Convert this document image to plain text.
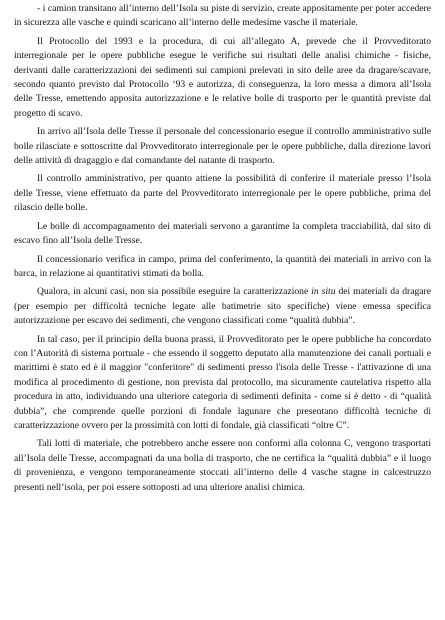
- i camion transitano all’interno dell’Isola su piste di servizio, create appositamente per poter accedere in sicurezza alle vasche e quindi scaricano all’interno delle medesime vasche il materiale.

Il Protocollo del 1993 e la procedura, di cui all’allegato A, prevede che il Provveditorato interregionale per le opere pubbliche esegue le verifiche sui risultati delle analisi chimiche - fisiche, derivanti dalle caratterizzazioni dei sedimenti sui campioni prelevati in sito delle aree da dragare/scavare, secondo quanto previsto dal Protocollo ‘93 e autorizza, di conseguenza, la loro messa a dimora all’Isola delle Tresse, emettendo apposita autorizzazione e le relative bolle di trasporto per le quantità previste dal progetto di scavo.

In arrivo all’Isola delle Tresse il personale del concessionario esegue il controllo amministrativo sulle bolle rilasciate e sottoscritte dal Provveditorato interregionale per le opere pubbliche, dalla direzione lavori delle attività di dragaggio e dal comandante del natante di trasporto.

Il controllo amministrativo, per quanto attiene la possibilità di conferire il materiale presso l’Isola delle Tresse, viene effettuato da parte del Provveditorato interregionale per le opere pubbliche, prima del rilascio delle bolle.

Le bolle di accompagnamento dei materiali servono a garantime la completa tracciabilità, dal sito di escavo fino all’Isola delle Tresse.

Il concessionario verifica in campo, prima del conferimento, la quantità dei materiali in arrivo con la barca, in relazione ai quantitativi stimati da bolla.

Qualora, in alcuni casi, non sia possibile eseguire la caratterizzazione in situ dei materiali da dragare (per esempio per difficoltà tecniche legate alle batimetrie sito specifiche) viene emessa specifica autorizzazione per escavo dei sedimenti, che vengono classificati come “qualità dubbia”.

In tal caso, per il principio della buona prassi, il Provveditorato per le opere pubbliche ha concordato con l’Autorità di sistema portuale - che essendo il soggetto deputato alla manutenzione dei canali portuali e marittimi è stato ed è il maggior "conferitore" di sedimenti presso l'isola delle Tresse - l'attivazione di una modifica al procedimento di gestione, non prevista dal protocollo, ma sicuramente cautelativa rispetto alla procedura in atto, individuando una ulteriore categoria di sedimenti definita - come si è detto - di “qualità dubbia”, che comprende quelle porzioni di fondale lagunare che presentano difficoltà tecniche di caratterizzazione ovvero per la prossimità con lotti di fondale, già classificati “oltre C”.

Tali lotti di materiale, che potrebbero anche essere non conformi alla colonna C, vengono trasportati all’Isola delle Tresse, accompagnati da una bolla di trasporto, che ne certifica la “qualità dubbia” e il luogo di provenienza, e vengono temporaneamente stoccati all’interno delle 4 vasche stagne in calcestruzzo presenti nell’isola, per poi essere sottoposti ad una ulteriore analisi chimica.
